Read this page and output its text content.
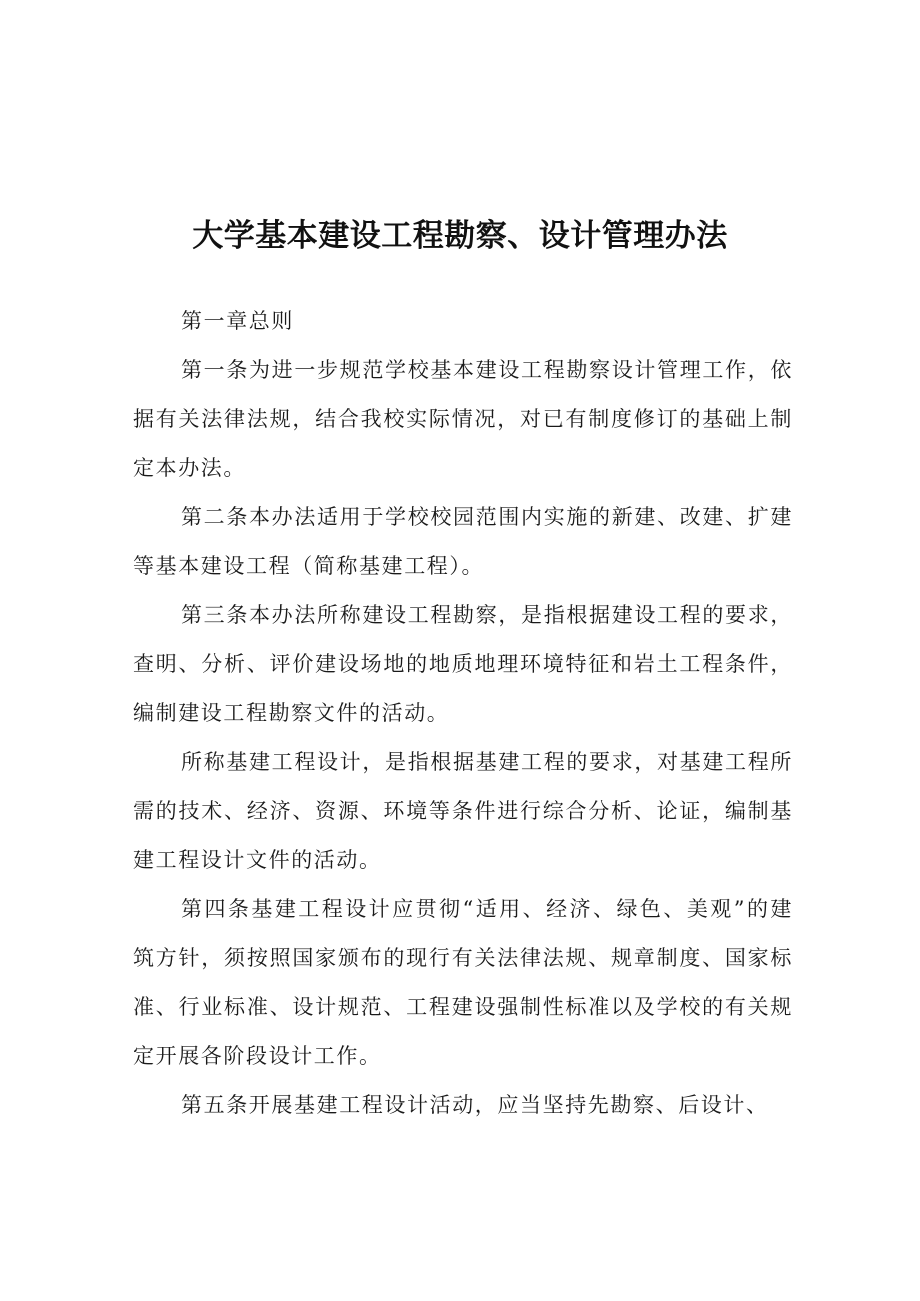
大学基本建设工程勘察、设计管理办法

第一章总则

第一条为进一步规范学校基本建设工程勘察设计管理工作，依据有关法律法规，结合我校实际情况，对已有制度修订的基础上制定本办法。

第二条本办法适用于学校校园范围内实施的新建、改建、扩建等基本建设工程（简称基建工程）。

第三条本办法所称建设工程勘察，是指根据建设工程的要求，查明、分析、评价建设场地的地质地理环境特征和岩土工程条件，编制建设工程勘察文件的活动。

所称基建工程设计，是指根据基建工程的要求，对基建工程所需的技术、经济、资源、环境等条件进行综合分析、论证，编制基建工程设计文件的活动。

第四条基建工程设计应贯彻“适用、经济、绿色、美观”的建筑方针，须按照国家颁布的现行有关法律法规、规章制度、国家标准、行业标准、设计规范、工程建设强制性标准以及学校的有关规定开展各阶段设计工作。

第五条开展基建工程设计活动，应当坚持先勘察、后设计、
